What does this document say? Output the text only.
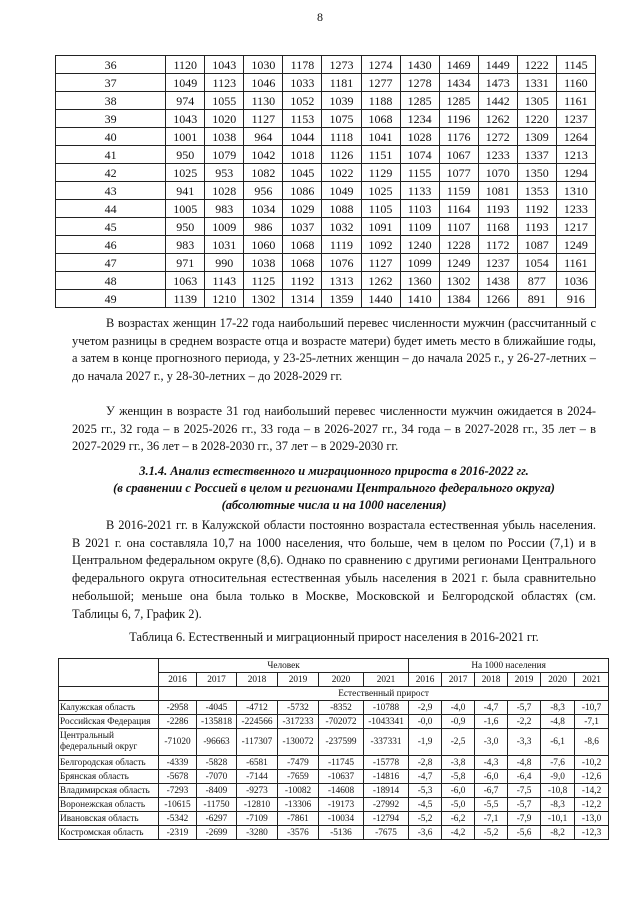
8
36	1120	1043	1030	1178	1273	1274	1430	1469	1449	1222	1145
37	1049	1123	1046	1033	1181	1277	1278	1434	1473	1331	1160
38	974	1055	1130	1052	1039	1188	1285	1285	1442	1305	1161
39	1043	1020	1127	1153	1075	1068	1234	1196	1262	1220	1237
40	1001	1038	964	1044	1118	1041	1028	1176	1272	1309	1264
41	950	1079	1042	1018	1126	1151	1074	1067	1233	1337	1213
42	1025	953	1082	1045	1022	1129	1155	1077	1070	1350	1294
43	941	1028	956	1086	1049	1025	1133	1159	1081	1353	1310
44	1005	983	1034	1029	1088	1105	1103	1164	1193	1192	1233
45	950	1009	986	1037	1032	1091	1109	1107	1168	1193	1217
46	983	1031	1060	1068	1119	1092	1240	1228	1172	1087	1249
47	971	990	1038	1068	1076	1127	1099	1249	1237	1054	1161
48	1063	1143	1125	1192	1313	1262	1360	1302	1438	877	1036
49	1139	1210	1302	1314	1359	1440	1410	1384	1266	891	916
В возрастах женщин 17-22 года наибольший перевес численности мужчин (рассчитанный с учетом разницы в среднем возрасте отца и возрасте матери) будет иметь место в ближайшие годы, а затем в конце прогнозного периода, у 23-25-летних женщин – до начала 2025 г., у 26-27-летних – до начала 2027 г., у 28-30-летних – до 2028-2029 гг.
У женщин в возрасте 31 год наибольший перевес численности мужчин ожидается в 2024-2025 гг., 32 года – в 2025-2026 гг., 33 года – в 2026-2027 гг., 34 года – в 2027-2028 гг., 35 лет – в 2027-2029 гг., 36 лет – в 2028-2030 гг., 37 лет – в 2029-2030 гг.
3.1.4. Анализ естественного и миграционного прироста в 2016-2022 гг.
(в сравнении с Россией в целом и регионами Центрального федерального округа)
(абсолютные числа и на 1000 населения)
В 2016-2021 гг. в Калужской области постоянно возрастала естественная убыль населения. В 2021 г. она составляла 10,7 на 1000 населения, что больше, чем в целом по России (7,1) и в Центральном федеральном округе (8,6). Однако по сравнению с другими регионами Центрального федерального округа относительная естественная убыль населения в 2021 г. была сравнительно небольшой; меньше она была только в Москве, Московской и Белгородской областях (см. Таблицы 6, 7, График 2).
Таблица 6. Естественный и миграционный прирост населения в 2016-2021 гг.
	Человек						На 1000 населения					
	2016	2017	2018	2019	2020	2021	2016	2017	2018	2019	2020	2021
	Естественный прирост											
Калужская область	-2958	-4045	-4712	-5732	-8352	-10788	-2,9	-4,0	-4,7	-5,7	-8,3	-10,7
Российская Федерация	-2286	-135818	-224566	-317233	-702072	-1043341	-0,0	-0,9	-1,6	-2,2	-4,8	-7,1
Центральный федеральный округ	-71020	-96663	-117307	-130072	-237599	-337331	-1,9	-2,5	-3,0	-3,3	-6,1	-8,6
Белгородская область	-4339	-5828	-6581	-7479	-11745	-15778	-2,8	-3,8	-4,3	-4,8	-7,6	-10,2
Брянская область	-5678	-7070	-7144	-7659	-10637	-14816	-4,7	-5,8	-6,0	-6,4	-9,0	-12,6
Владимирская область	-7293	-8409	-9273	-10082	-14608	-18914	-5,3	-6,0	-6,7	-7,5	-10,8	-14,2
Воронежская область	-10615	-11750	-12810	-13306	-19173	-27992	-4,5	-5,0	-5,5	-5,7	-8,3	-12,2
Ивановская область	-5342	-6297	-7109	-7861	-10034	-12794	-5,2	-6,2	-7,1	-7,9	-10,1	-13,0
Костромская область	-2319	-2699	-3280	-3576	-5136	-7675	-3,6	-4,2	-5,2	-5,6	-8,2	-12,3
